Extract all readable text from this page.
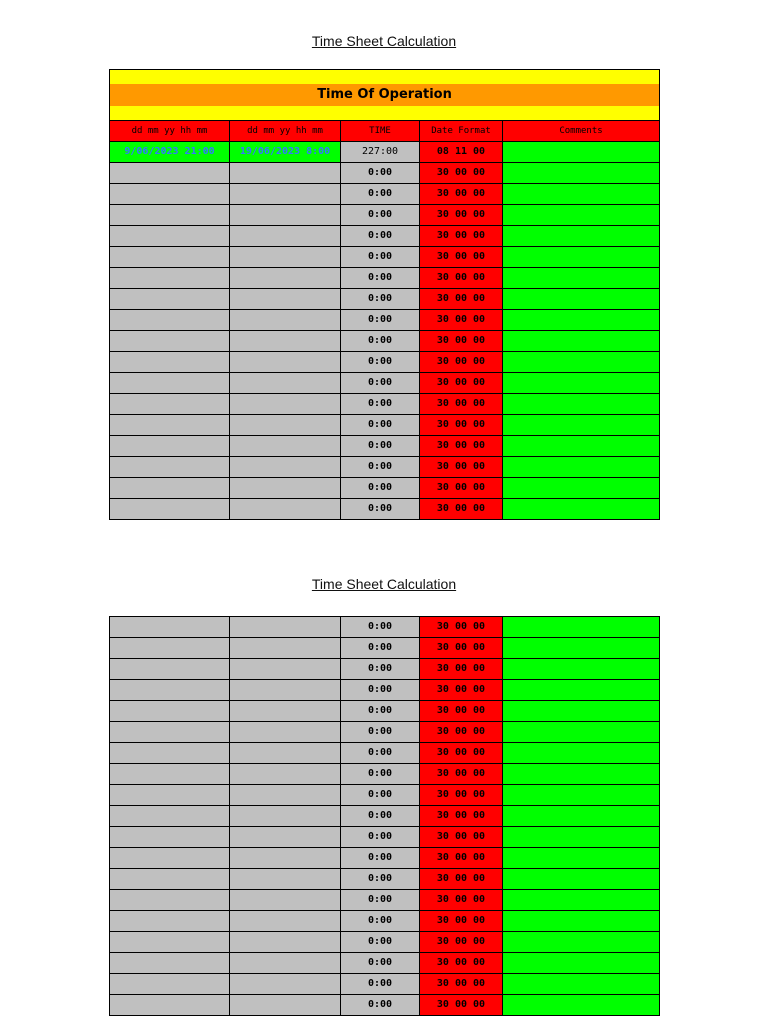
Time Sheet Calculation
Time Of Operation				

dd mm yy hh mm	dd mm yy hh mm	TIME	Date Format	Comments
9/06/2023 21:00	19/06/2023 8:00	227:00	08 11 00	
		0:00	30 00 00	
		0:00	30 00 00	
		0:00	30 00 00	
		0:00	30 00 00	
		0:00	30 00 00	
		0:00	30 00 00	
		0:00	30 00 00	
		0:00	30 00 00	
		0:00	30 00 00	
		0:00	30 00 00	
		0:00	30 00 00	
		0:00	30 00 00	
		0:00	30 00 00	
		0:00	30 00 00	
		0:00	30 00 00	
		0:00	30 00 00	
		0:00	30 00 00	
Time Sheet Calculation
		0:00	30 00 00	
		0:00	30 00 00	
		0:00	30 00 00	
		0:00	30 00 00	
		0:00	30 00 00	
		0:00	30 00 00	
		0:00	30 00 00	
		0:00	30 00 00	
		0:00	30 00 00	
		0:00	30 00 00	
		0:00	30 00 00	
		0:00	30 00 00	
		0:00	30 00 00	
		0:00	30 00 00	
		0:00	30 00 00	
		0:00	30 00 00	
		0:00	30 00 00	
		0:00	30 00 00	
		0:00	30 00 00	
